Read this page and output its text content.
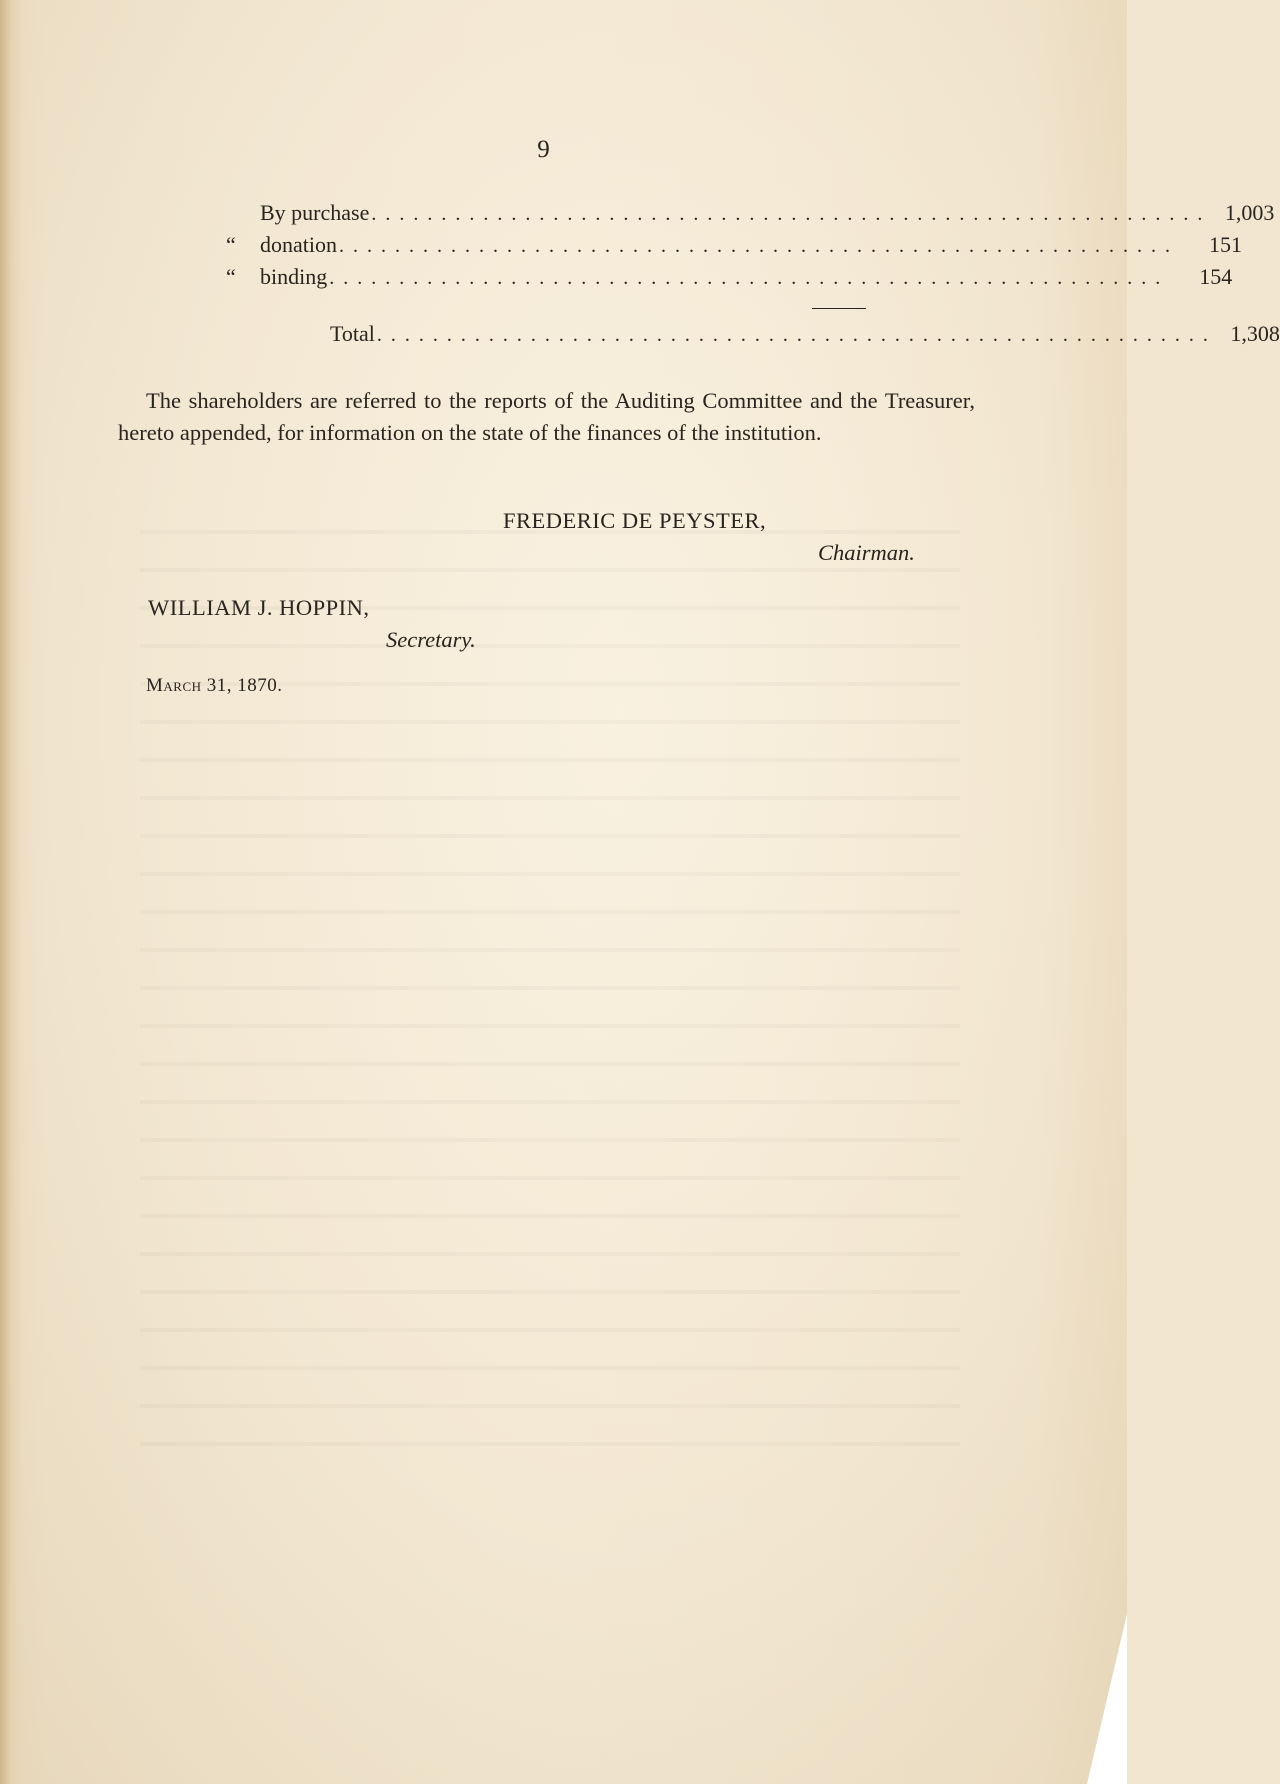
9
By purchase . . . . . . . . . . . . . . . . . . . . . . . . . . . . . . . . . . . . . . . . . . . . . . . . . . . . . . . . . . . . 1,003
“	donation . . . . . . . . . . . . . . . . . . . . . . . . . . . . . . . . . . . . . . . . . . . . . . . . . . . . . . . . . . . .	151
“	binding . . . . . . . . . . . . . . . . . . . . . . . . . . . . . . . . . . . . . . . . . . . . . . . . . . . . . . . . . . . .	154
Total . . . . . . . . . . . . . . . . . . . . . . . . . . . . . . . . . . . . . . . . . . . . . . . . . . . . . . . . . . . . 1,308

The shareholders are referred to the reports of the Auditing Committee and the Treasurer, hereto appended, for information on the state of the finances of the institution.

FREDERIC DE PEYSTER,
Chairman.
WILLIAM J. HOPPIN,
Secretary.
March 31, 1870.
